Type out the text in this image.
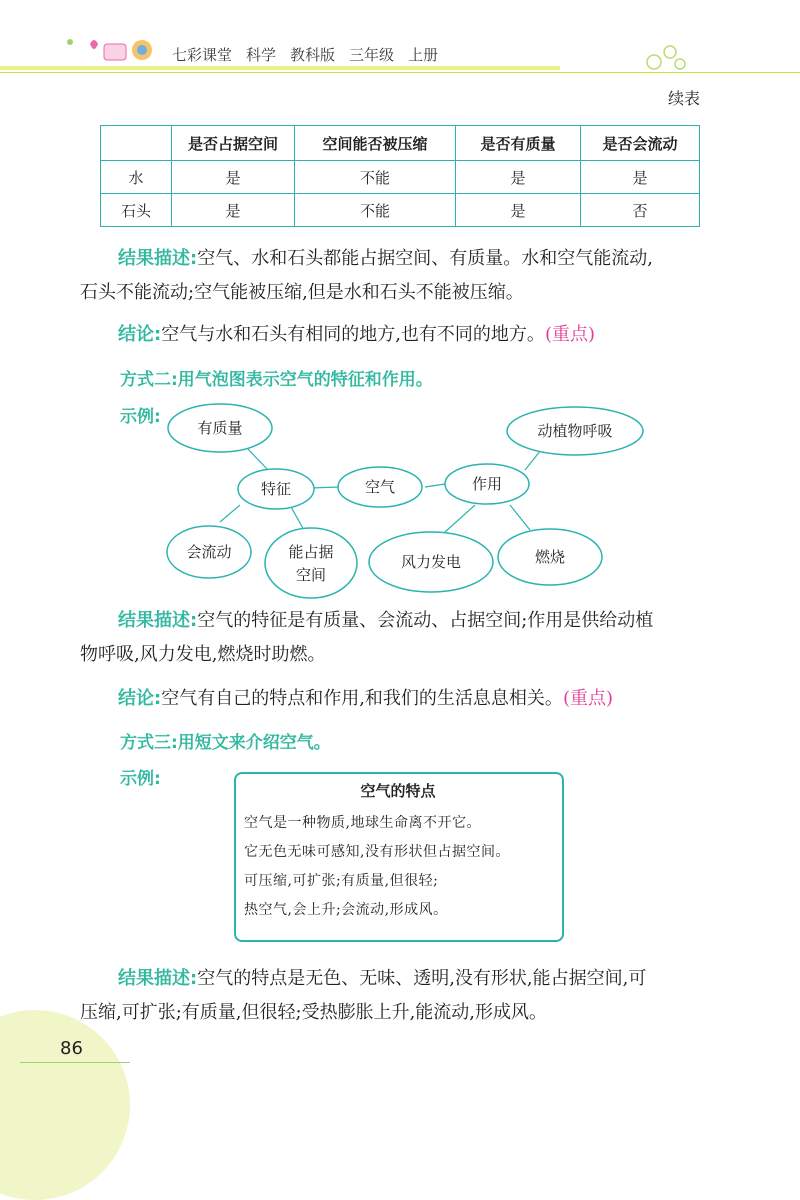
七彩课堂 科学 教科版 三年级 上册
续表
	是否占据空间	空间能否被压缩	是否有质量	是否会流动
水	是	不能	是	是
石头	是	不能	是	否
结果描述:空气、水和石头都能占据空间、有质量。水和空气能流动,
石头不能流动;空气能被压缩,但是水和石头不能被压缩。
结论:空气与水和石头有相同的地方,也有不同的地方。(重点)
方式二:用气泡图表示空气的特征和作用。
示例:
有质量
特征	空气	作用
动植物呼吸
会流动	能占据
空间
风力发电	燃烧
结果描述:空气的特征是有质量、会流动、占据空间;作用是供给动植
物呼吸,风力发电,燃烧时助燃。
结论:空气有自己的特点和作用,和我们的生活息息相关。(重点)
方式三:用短文来介绍空气。
示例:
空气的特点
空气是一种物质,地球生命离不开它。
它无色无味可感知,没有形状但占据空间。
可压缩,可扩张;有质量,但很轻;
热空气,会上升;会流动,形成风。
结果描述:空气的特点是无色、无味、透明,没有形状,能占据空间,可
压缩,可扩张;有质量,但很轻;受热膨胀上升,能流动,形成风。
86
